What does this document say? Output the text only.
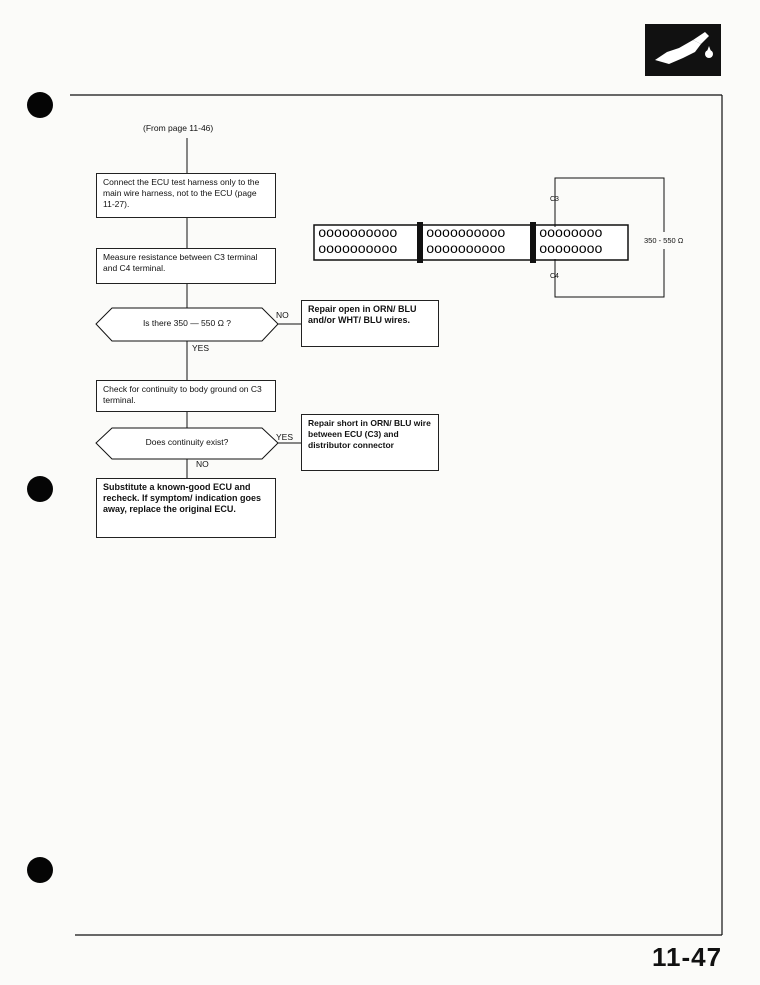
(From page 11-46)
Connect the ECU test harness only to the main wire harness, not to the ECU (page 11-27).
Measure resistance between C3 terminal and C4 terminal.
Is there 350 — 550 Ω ?
YES
NO
Repair open in ORN/ BLU and/or WHT/ BLU wires.
Check for continuity to body ground on C3 terminal.
Does continuity exist?	YES
NO
Repair short in ORN/ BLU wire between ECU (C3) and distributor connector
Substitute a known-good ECU and recheck. If symptom/ indication goes away, replace the original ECU.
oooooooooo
oooooooooo
oooooooooo
oooooooooo
oooooooo
oooooooo
C3
C4
350 - 550 Ω
11-47
